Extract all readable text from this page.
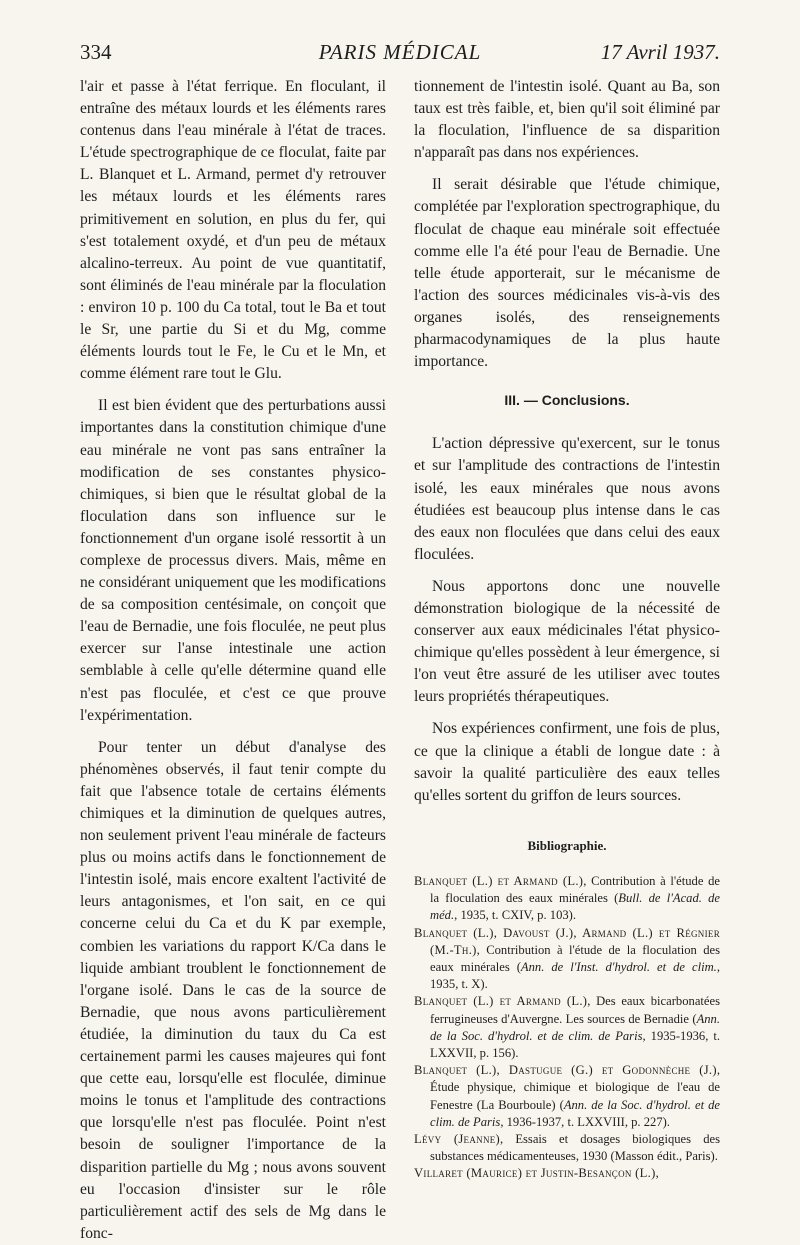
334	PARIS MÉDICAL	17 Avril 1937.

l'air et passe à l'état ferrique. En floculant, il entraîne des métaux lourds et les éléments rares contenus dans l'eau minérale à l'état de traces. L'étude spectrographique de ce floculat, faite par L. Blanquet et L. Armand, permet d'y retrouver les métaux lourds et les éléments rares primitivement en solution, en plus du fer, qui s'est totalement oxydé, et d'un peu de métaux alcalino-terreux. Au point de vue quantitatif, sont éliminés de l'eau minérale par la floculation : environ 10 p. 100 du Ca total, tout le Ba et tout le Sr, une partie du Si et du Mg, comme éléments lourds tout le Fe, le Cu et le Mn, et comme élément rare tout le Glu.

Il est bien évident que des perturbations aussi importantes dans la constitution chimique d'une eau minérale ne vont pas sans entraîner la modification de ses constantes physico-chimiques, si bien que le résultat global de la floculation dans son influence sur le fonctionnement d'un organe isolé ressortit à un complexe de processus divers. Mais, même en ne considérant uniquement que les modifications de sa composition centésimale, on conçoit que l'eau de Bernadie, une fois floculée, ne peut plus exercer sur l'anse intestinale une action semblable à celle qu'elle détermine quand elle n'est pas floculée, et c'est ce que prouve l'expérimentation.

Pour tenter un début d'analyse des phénomènes observés, il faut tenir compte du fait que l'absence totale de certains éléments chimiques et la diminution de quelques autres, non seulement privent l'eau minérale de facteurs plus ou moins actifs dans le fonctionnement de l'intestin isolé, mais encore exaltent l'activité de leurs antagonismes, et l'on sait, en ce qui concerne celui du Ca et du K par exemple, combien les variations du rapport K/Ca dans le liquide ambiant troublent le fonctionnement de l'organe isolé. Dans le cas de la source de Bernadie, que nous avons particulièrement étudiée, la diminution du taux du Ca est certainement parmi les causes majeures qui font que cette eau, lorsqu'elle est floculée, diminue moins le tonus et l'amplitude des contractions que lorsqu'elle n'est pas floculée. Point n'est besoin de souligner l'importance de la disparition partielle du Mg ; nous avons souvent eu l'occasion d'insister sur le rôle particulièrement actif des sels de Mg dans le fonc-

tionnement de l'intestin isolé. Quant au Ba, son taux est très faible, et, bien qu'il soit éliminé par la floculation, l'influence de sa disparition n'apparaît pas dans nos expériences.

Il serait désirable que l'étude chimique, complétée par l'exploration spectrographique, du floculat de chaque eau minérale soit effectuée comme elle l'a été pour l'eau de Bernadie. Une telle étude apporterait, sur le mécanisme de l'action des sources médicinales vis-à-vis des organes isolés, des renseignements pharmacodynamiques de la plus haute importance.

III. — Conclusions.

L'action dépressive qu'exercent, sur le tonus et sur l'amplitude des contractions de l'intestin isolé, les eaux minérales que nous avons étudiées est beaucoup plus intense dans le cas des eaux non floculées que dans celui des eaux floculées.

Nous apportons donc une nouvelle démonstration biologique de la nécessité de conserver aux eaux médicinales l'état physico-chimique qu'elles possèdent à leur émergence, si l'on veut être assuré de les utiliser avec toutes leurs propriétés thérapeutiques.

Nos expériences confirment, une fois de plus, ce que la clinique a établi de longue date : à savoir la qualité particulière des eaux telles qu'elles sortent du griffon de leurs sources.

Bibliographie.

Blanquet (L.) et Armand (L.), Contribution à l'étude de la floculation des eaux minérales (Bull. de l'Acad. de méd., 1935, t. CXIV, p. 103).

Blanquet (L.), Davoust (J.), Armand (L.) et Régnier (M.-Th.), Contribution à l'étude de la floculation des eaux minérales (Ann. de l'Inst. d'hydrol. et de clim., 1935, t. X).

Blanquet (L.) et Armand (L.), Des eaux bicarbonatées ferrugineuses d'Auvergne. Les sources de Bernadie (Ann. de la Soc. d'hydrol. et de clim. de Paris, 1935-1936, t. LXXVII, p. 156).

Blanquet (L.), Dastugue (G.) et Godonnèche (J.), Étude physique, chimique et biologique de l'eau de Fenestre (La Bourboule) (Ann. de la Soc. d'hydrol. et de clim. de Paris, 1936-1937, t. LXXVIII, p. 227).

Lévy (Jeanne), Essais et dosages biologiques des substances médicamenteuses, 1930 (Masson édit., Paris).

Villaret (Maurice) et Justin-Besançon (L.),
